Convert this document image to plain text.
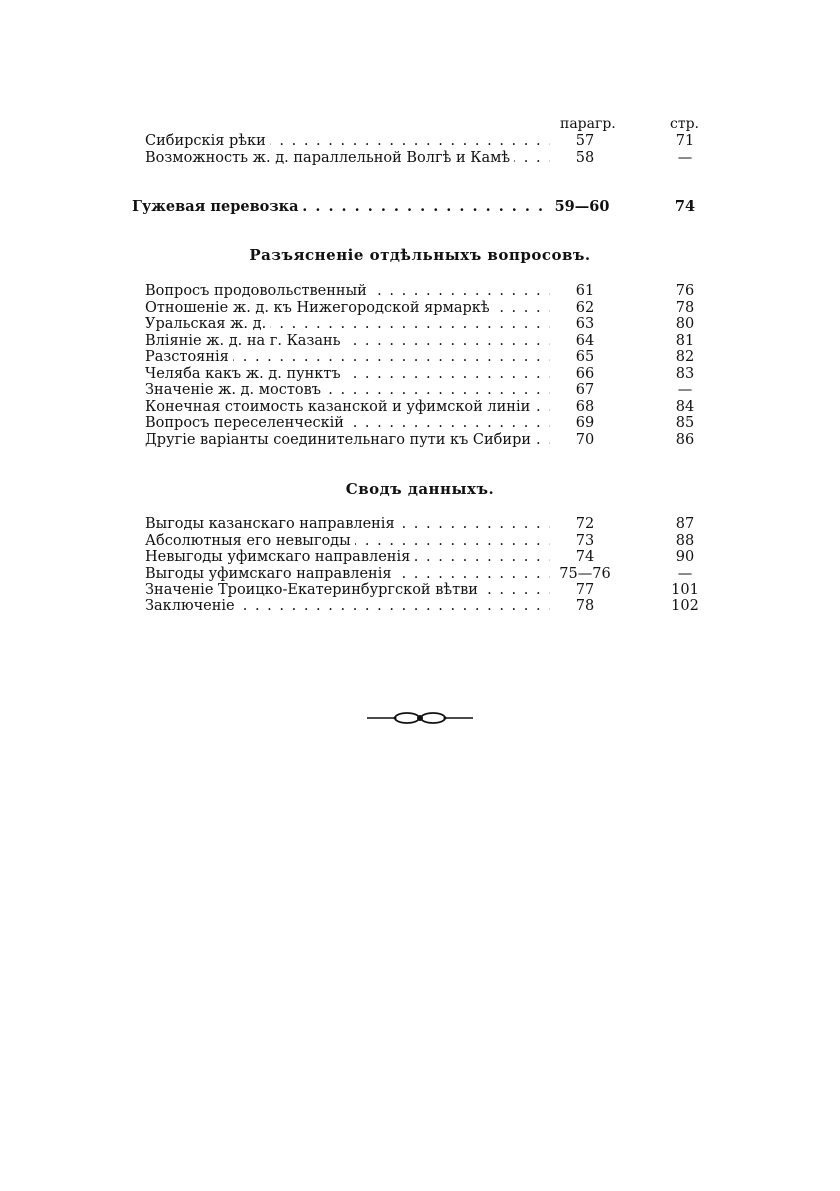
парагр.	стр.
Сибирскія рѣки . . .	57	71
Возможность ж. д. параллельной Волгѣ и Камѣ . . .	58	—
Гужевая перевозка . . .	59—60	74
Разъясненіе отдѣльныхъ вопросовъ.
Вопросъ продовольственный . . .	61	76
Отношеніе ж. д. къ Нижегородской ярмаркѣ . . .	62	78
Уральская ж. д. . . .	63	80
Вліяніе ж. д. на г. Казань . . .	64	81
Разстоянія . . .	65	82
Челяба какъ ж. д. пунктъ . . .	66	83
Значеніе ж. д. мостовъ . . .	67	—
Конечная стоимость казанской и уфимской линіи . . .	68	84
Вопросъ переселенческій . . .	69	85
Другіе варіанты соединительнаго пути къ Сибири . . .	70	86
Сводъ данныхъ.
Выгоды казанскаго направленія . . .	72	87
Абсолютныя его невыгоды . . .	73	88
Невыгоды уфимскаго направленія . . .	74	90
Выгоды уфимскаго направленія . . .	75—76	—
Значеніе Троицко-Екатеринбургской вѣтви . . .	77	101
Заключеніе . . .	78	102
